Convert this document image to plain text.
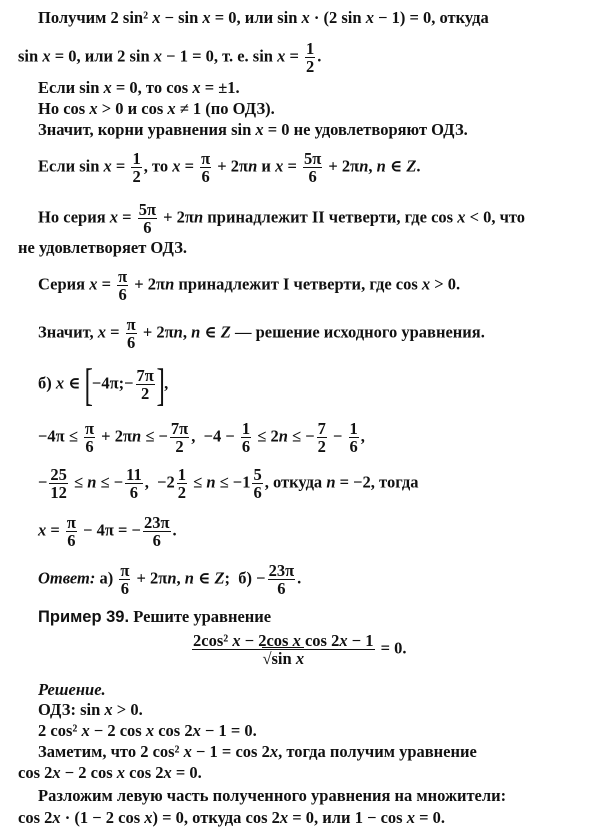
Получим 2 sin² x − sin x = 0, или sin x · (2 sin x − 1) = 0, откуда
sin x = 0, или 2 sin x − 1 = 0, т. е. $\sin x = \frac{1}{2}$ .
Если sin x = 0, то cos x = ±1.
Но cos x > 0 и cos x ≠ 1 (по ОДЗ).
Значит, корни уравнения sin x = 0 не удовлетворяют ОДЗ.
Если $\sin x = \frac{1}{2}$ , то $x = \frac{\pi}{6} + 2\pi n$ и $x = \frac{5\pi}{6} + 2\pi n$, n ∈ Z.
Но серия $x = \frac{5\pi}{6} + 2\pi n$ принадлежит II четверти, где cos x < 0, что
не удовлетворяет ОДЗ.
Серия $x = \frac{\pi}{6} + 2\pi n$ принадлежит I четверти, где cos x > 0.
Значит, $x = \frac{\pi}{6} + 2\pi n$, n ∈ Z — решение исходного уравнения.
б) x ∈ [−4π;− $\frac{7\pi}{2}$ ],
$-4\pi \le \frac{\pi}{6} + 2\pi n$ ≤ − $\frac{7\pi}{2}$ ,  $-4 - \frac{1}{6} \le 2n$ ≤ − $\frac{7}{2} - \frac{1}{6}$ ,
− $\frac{25}{12} \le n$ ≤ − $\frac{11}{6}$ ,  $-2 \frac{1}{2} \le n \le -1 \frac{5}{6}$ , откуда n = −2, тогда
$x = \frac{\pi}{6} - 4\pi$ = − $\frac{23\pi}{6}$ .
Ответ: $а) \frac{\pi}{6} + 2\pi n$, n ∈ Z;  $б) - \frac{23\pi}{6}$ .
Пример 39. Решите уравнение
$\frac{\text{2cos² x − 2cos x cos 2x − 1}}{\text{√sin x}} = 0$.
Решение.
ОДЗ: sin x > 0.
2 cos² x − 2 cos x cos 2x − 1 = 0.
Заметим, что 2 cos² x − 1 = cos 2x, тогда получим уравнение
cos 2x − 2 cos x cos 2x = 0.
Разложим левую часть полученного уравнения на множители:
cos 2x · (1 − 2 cos x) = 0, откуда cos 2x = 0, или 1 − cos x = 0.
